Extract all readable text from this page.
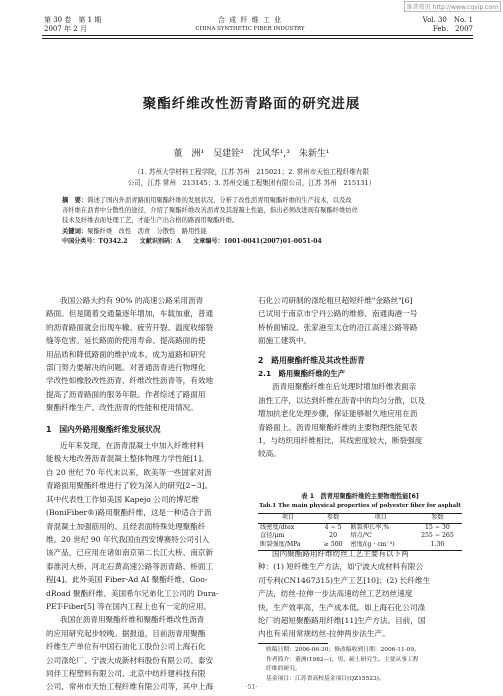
维普资讯 http://www.cqvip.com
第 30 卷　第 1 期
2007 年 2 月
合 成 纤 维 工 业
CHINA SYNTHETIC FIBER INDUSTRY
Vol. 30　No. 1
Feb.　2007
聚酯纤维改性沥青路面的研究进展
董　洲¹　吴建铨²　沈风华¹,³　朱新生¹
（1. 苏州大学材料工程学院，江苏 苏州　215021；2. 常州市天怡工程纤维有限
公司，江苏 常州　213145；3. 苏州交通工程集团有限公司，江苏 苏州　215131）
摘　要：简述了国内外沥青路面用聚酯纤维的发展状况，分析了改性沥青用聚酯纤维的生产技术，以及改
善纤维在沥青中分散性的途径，介绍了聚酯纤维改善沥青及其混凝土性能，指出必须改进现有聚酯纤维纺丝
技术及纤维表面处理工艺，才能生产出合格的路面用聚酯纤维。
关键词：聚酯纤维　改性　沥青　分散性　路用性能
中国分类号：TQ342.2　　文献识别码：A　　文章编号：1001-0041(2007)01-0051-04
我国公路大约有 90% 的高速公路采用沥青
路面。但是随着交通量逐年增加，车载加重，普通
的沥青路面就会出现车辙、疲劳开裂、温度收缩裂
缝等危害。延长路面的使用寿命、提高路面的使
用品质和降低路面的维护成本，成为道路和研究
部门努力要解决的问题。对普通沥青进行物理化
学改性如橡胶改性沥青、纤维改性沥青等，有效地
提高了沥青路面的服务年限。作者综述了路面用
聚酯纤维生产、改性沥青的性能和使用情况。
1　国内外路用聚酯纤维发展状况
近年来发现，在沥青混凝土中加入纤维材料
能极大地改善沥青混凝土整体物理力学性能[1]。
自 20 世纪 70 年代末以来，欧美等一些国家对沥
青路面用聚酯纤维进行了较为深入的研究[2~3]。
其中代表性工作如美国 Kapejo 公司的博尼维
(BoniFiber®)路用聚酯纤维，这是一种适合于沥
青混凝土加强筋用的、且经表面特殊处理聚酯纤
维。20 世纪 90 年代我国由西安博赛特公司引入
该产品，已应用在诸如南京第二长江大桥、南京新
泰淮河大桥、河北石黄高速公路等沥青路、桥面工
程[4]。此外美国 Fiber-Ad AI 聚酯纤维、Goo-
dRoad 聚酯纤维、美国希尔兄弟化工公司的 Dura-
PET-Fiber[5] 等在国内工程上也有一定的应用。
我国在沥青用聚酯纤维和聚酯纤维改性沥青
的应用研究起步较晚。据报道，目前沥青用聚酯
纤维生产单位有中国石油化工股份公司上海石化
公司涤纶厂、宁波大成新材料股份有限公司、泰安
同伴工程塑料有限公司、北京中纺纤建科技有限
公司、常州市天怡工程纤维有限公司等，其中上海
石化公司研制的涤纶粗旦超短纤维"金路丝"[6]
已试用于南京市宁丹公路的维修、南通海港一号
桥桥面铺设、张家港至太仓的沿江高速公路等路
面施工建筑中。
2　路用聚酯纤维及其改性沥青
2.1　路用聚酯纤维的生产
沥青用聚酯纤维在后处理时增加纤维表面亲
油性工序，以达到纤维在沥青中的均匀分散，以及
增加抗老化处理步骤，保证能够耐久地应用在沥
青路面上。沥青用聚酯纤维的主要物理性能见表
1，与纺织用纤维相比，其线密度较大，断裂强度
较高。
表 1　沥青用聚酯纤维的主要物理性能[6]
Tab.1 The main physical properties of polyester fiber for asphalt
项目	参数	项目	参数
线密度/dtex	4 ~ 5	断裂伸长率,%	15 ~ 30
直径/μm	20	熔点/℃	255 ~ 265
断裂强度/MPa	≥ 500	密度/(g · cm⁻³)	1.36
国内聚酯路用纤维纺丝工艺主要有以下两
种：(1) 短纤维生产方法，如宁波大成材料有限公
司专利(CN1467315)生产工艺[10]；(2) 长纤维生
产法，纺丝-拉伸一步法高速纺丝工艺纺丝速度
快，生产效率高，生产成本低。如上海石化公司涤
纶厂的超短聚酯路用纤维[11]生产方法。目前，国
内也有采用常规纺丝-拉伸两步法生产。
收稿日期：2006-06-30；修改稿收到日期：2006-11-09。
作者简介：董洲(1982—)，男，硕士研究生。主要从事工程
纤维的研究。
基金项目：江苏省高校基金项目(QZ15523)。
·51·
